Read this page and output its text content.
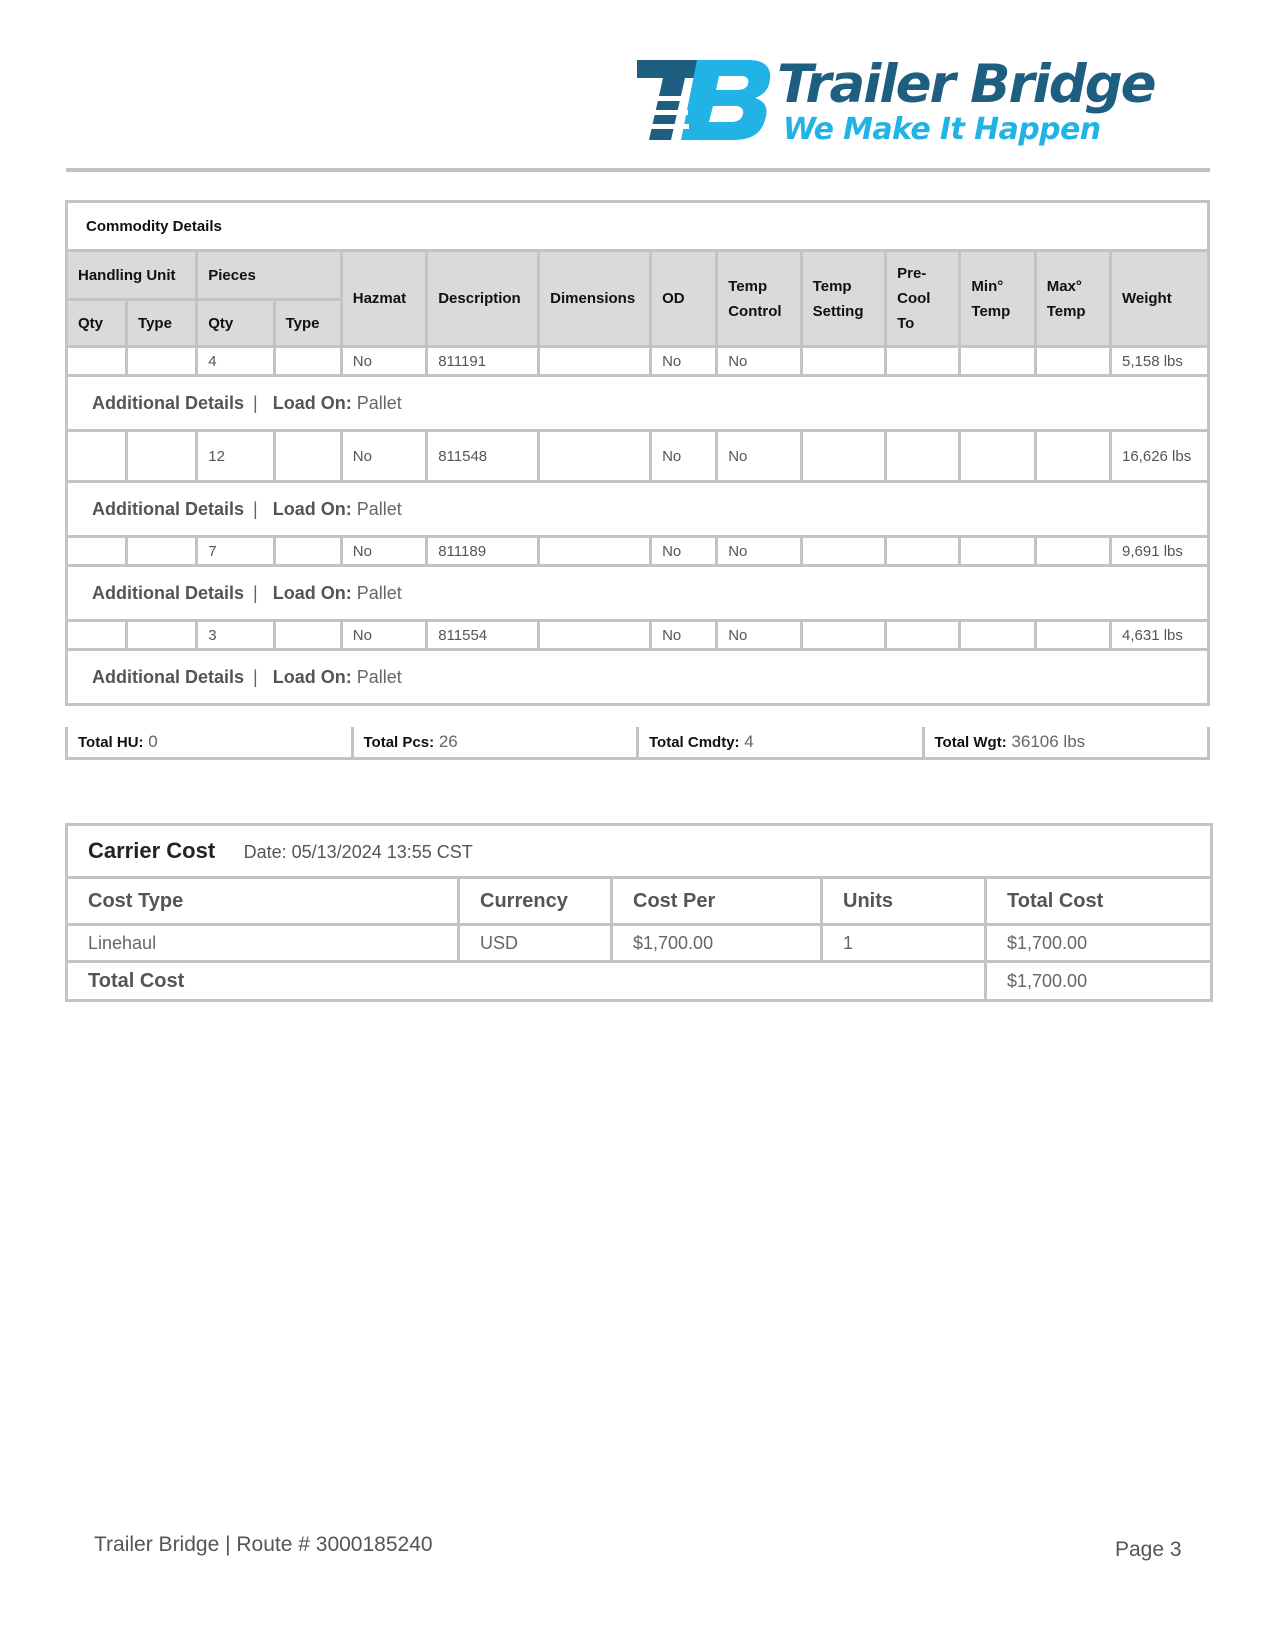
Trailer Bridge
We Make It Happen
Commodity Details													
Handling Unit		Pieces		Hazmat	Description	Dimensions	OD	Temp Control	Temp Setting	Pre-Cool To	Min° Temp	Max° Temp	Weight
Qty	Type	Qty	Type										
		4		No	811191		No	No					5,158 lbs
Additional Details | Load On: Pallet													
		12		No	811548		No	No					16,626 lbs
Additional Details | Load On: Pallet													
		7		No	811189		No	No					9,691 lbs
Additional Details | Load On: Pallet													
		3		No	811554		No	No					4,631 lbs
Additional Details | Load On: Pallet													
Total HU: 0	Total Pcs: 26	Total Cmdty: 4	Total Wgt: 36106 lbs
Carrier Cost Date: 05/13/2024 13:55 CST				
Cost Type	Currency	Cost Per	Units	Total Cost
Linehaul	USD	$1,700.00	1	$1,700.00
Total Cost				$1,700.00
Trailer Bridge | Route # 3000185240	Page 3
